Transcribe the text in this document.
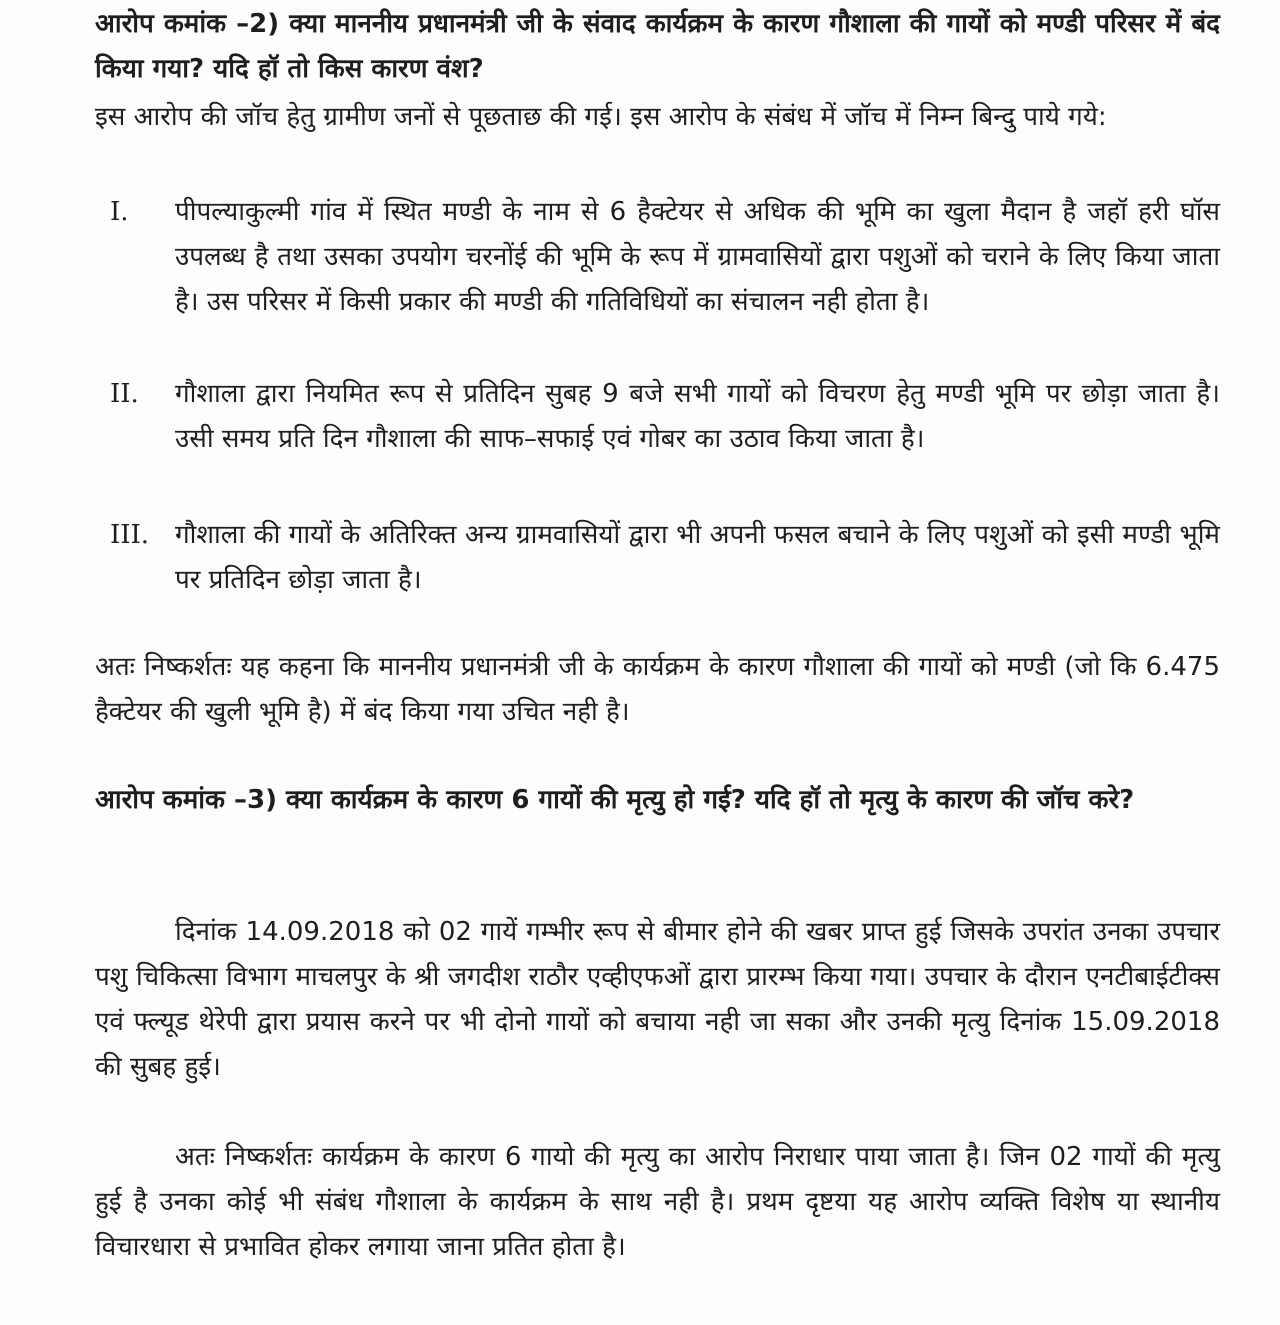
आरोप कमांक –2) क्या माननीय प्रधानमंत्री जी के संवाद कार्यक्रम के कारण गौशाला की गायों को मण्डी परिसर में बंद किया गया? यदि हॉ तो किस कारण वंश?

इस आरोप की जॉच हेतु ग्रामीण जनों से पूछताछ की गई। इस आरोप के संबंध में जॉच में निम्न बिन्दु पाये गये:

I.	पीपल्याकुल्मी गांव में स्थित मण्डी के नाम से 6 हैक्टेयर से अधिक की भूमि का खुला मैदान है जहॉ हरी घॉस उपलब्ध है तथा उसका उपयोग चरनोंई की भूमि के रूप में ग्रामवासियों द्वारा पशुओं को चराने के लिए किया जाता है। उस परिसर में किसी प्रकार की मण्डी की गतिविधियों का संचालन नही होता है।
II.	गौशाला द्वारा नियमित रूप से प्रतिदिन सुबह 9 बजे सभी गायों को विचरण हेतु मण्डी भूमि पर छोड़ा जाता है। उसी समय प्रति दिन गौशाला की साफ–सफाई एवं गोबर का उठाव किया जाता है।
III. गौशाला की गायों के अतिरिक्त अन्य ग्रामवासियों द्वारा भी अपनी फसल बचाने के लिए पशुओं को इसी मण्डी भूमि पर प्रतिदिन छोड़ा जाता है।

अतः निष्कर्शतः यह कहना कि माननीय प्रधानमंत्री जी के कार्यक्रम के कारण गौशाला की गायों को मण्डी (जो कि 6.475 हैक्टेयर की खुली भूमि है) में बंद किया गया उचित नही है।

आरोप कमांक –3) क्या कार्यक्रम के कारण 6 गायों की मृत्यु हो गई? यदि हॉ तो मृत्यु के कारण की जॉच करे?

दिनांक 14.09.2018 को 02 गायें गम्भीर रूप से बीमार होने की खबर प्राप्त हुई जिसके उपरांत उनका उपचार पशु चिकित्सा विभाग माचलपुर के श्री जगदीश राठौर एव्हीएफओं द्वारा प्रारम्भ किया गया। उपचार के दौरान एनटीबाईटीक्स एवं फ्ल्यूड थेरेपी द्वारा प्रयास करने पर भी दोनो गायों को बचाया नही जा सका और उनकी मृत्यु दिनांक 15.09.2018 की सुबह हुई।

अतः निष्कर्शतः कार्यक्रम के कारण 6 गायो की मृत्यु का आरोप निराधार पाया जाता है। जिन 02 गायों की मृत्यु हुई है उनका कोई भी संबंध गौशाला के कार्यक्रम के साथ नही है। प्रथम दृष्टया यह आरोप व्यक्ति विशेष या स्थानीय विचारधारा से प्रभावित होकर लगाया जाना प्रतित होता है।
